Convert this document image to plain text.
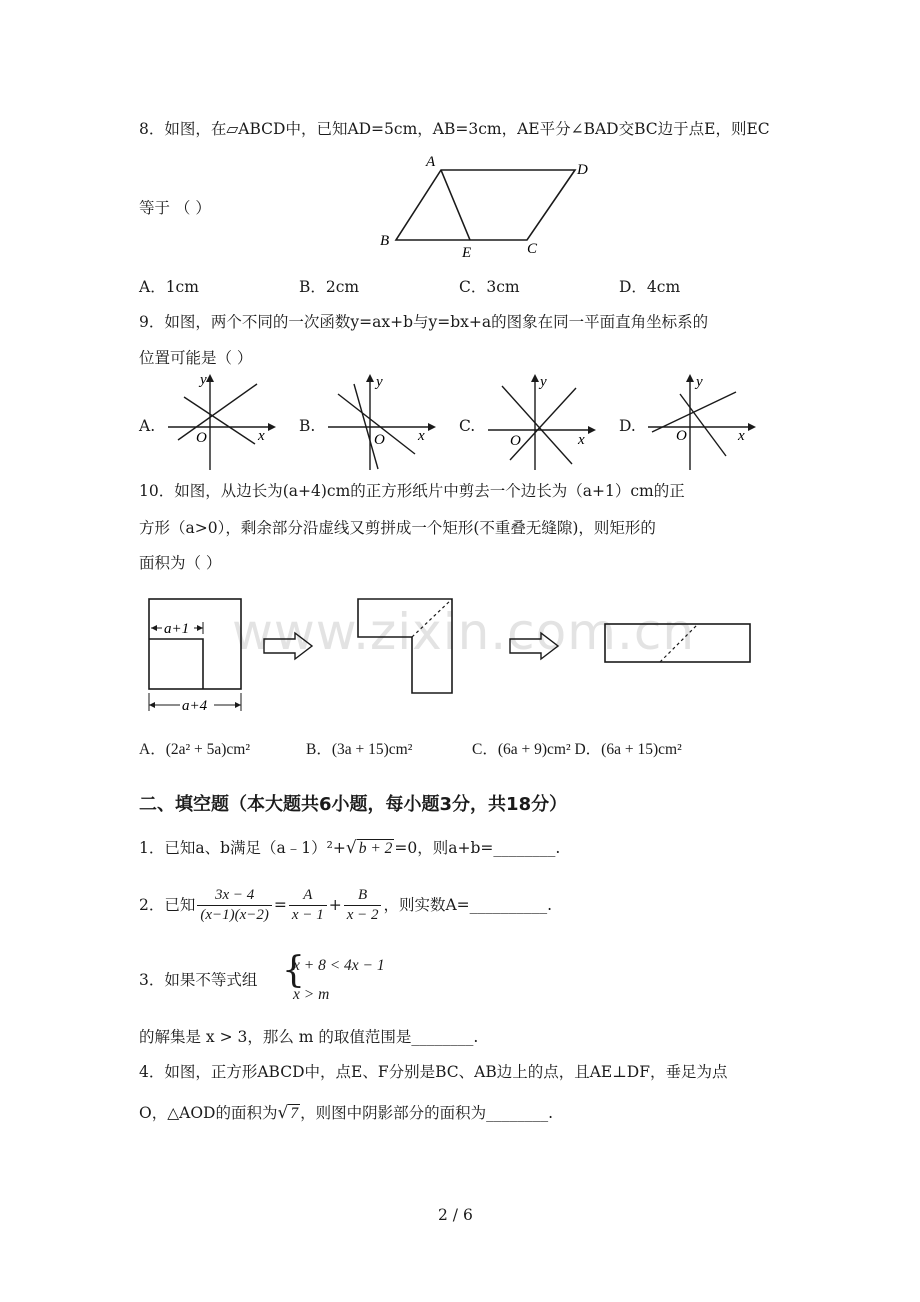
www.zixin.com.cn
8．如图，在▱ABCD中，已知AD=5cm，AB=3cm，AE平分∠BAD交BC边于点E，则EC
等于 （ ）
A	D
B
E	C
A．1cm	B．2cm	C．3cm	D．4cm
9．如图，两个不同的一次函数y=ax+b与y=bx+a的图象在同一平面直角坐标系的
位置可能是（ ）
A.
y
x
O
B.
y
x
O
C.
y
x
O
D.
y
x
O
10．如图，从边长为(a+4)cm的正方形纸片中剪去一个边长为（a+1）cm的正
方形（a>0），剩余部分沿虚线又剪拼成一个矩形(不重叠无缝隙)，则矩形的
面积为（ ）
a+1
a+4
A．(2a² + 5a)cm²	B．(3a + 15)cm²	C．(6a + 9)cm² D．(6a + 15)cm²
二、填空题（本大题共6小题，每小题3分，共18分）
1．已知a、b满足（a﹣1）²+√ b + 2 =0，则a+b=________.
2．已知 $\frac{3x - 4}{(x-1)(x-2)} = \frac{A}{x - 1} + \frac{B}{x - 2}$ ，则实数A=__________.
3．如果不等式组 {
x + 8 < 4x − 1
x > m
的解集是 x > 3，那么 m 的取值范围是________.
4．如图，正方形ABCD中，点E、F分别是BC、AB边上的点，且AE⊥DF，垂足为点
O，△AOD的面积为√ 7 ，则图中阴影部分的面积为________.
2 / 6
